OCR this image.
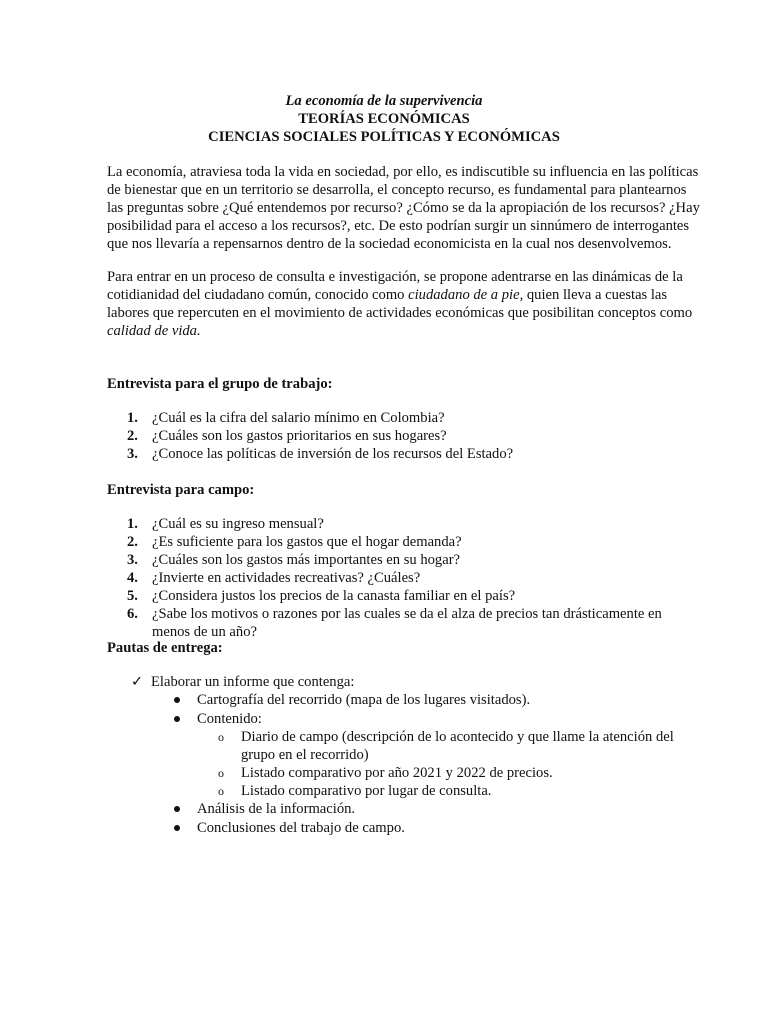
La economía de la supervivencia
TEORÍAS ECONÓMICAS
CIENCIAS SOCIALES POLÍTICAS Y ECONÓMICAS
La economía, atraviesa toda la vida en sociedad, por ello, es indiscutible su influencia en las políticas
de bienestar que en un territorio se desarrolla, el concepto recurso, es fundamental para plantearnos
las preguntas sobre ¿Qué entendemos por recurso? ¿Cómo se da la apropiación de los recursos? ¿Hay
posibilidad para el acceso a los recursos?, etc. De esto podrían surgir un sinnúmero de interrogantes
que nos llevaría a repensarnos dentro de la sociedad economicista en la cual nos desenvolvemos.
Para entrar en un proceso de consulta e investigación, se propone adentrarse en las dinámicas de la
cotidianidad del ciudadano común, conocido como ciudadano de a pie, quien lleva a cuestas las
labores que repercuten en el movimiento de actividades económicas que posibilitan conceptos como
calidad de vida.
Entrevista para el grupo de trabajo:
1. ¿Cuál es la cifra del salario mínimo en Colombia?
2. ¿Cuáles son los gastos prioritarios en sus hogares?
3. ¿Conoce las políticas de inversión de los recursos del Estado?
Entrevista para campo:
1. ¿Cuál es su ingreso mensual?
2. ¿Es suficiente para los gastos que el hogar demanda?
3. ¿Cuáles son los gastos más importantes en su hogar?
4. ¿Invierte en actividades recreativas? ¿Cuáles?
5. ¿Considera justos los precios de la canasta familiar en el país?
6. ¿Sabe los motivos o razones por las cuales se da el alza de precios tan drásticamente en menos de un año?
Pautas de entrega:
✓ Elaborar un informe que contenga:
Cartografía del recorrido (mapa de los lugares visitados).
Contenido:
o Diario de campo (descripción de lo acontecido y que llame la atención del
grupo en el recorrido)
o Listado comparativo por año 2021 y 2022 de precios.
o Listado comparativo por lugar de consulta.
Análisis de la información.
Conclusiones del trabajo de campo.
